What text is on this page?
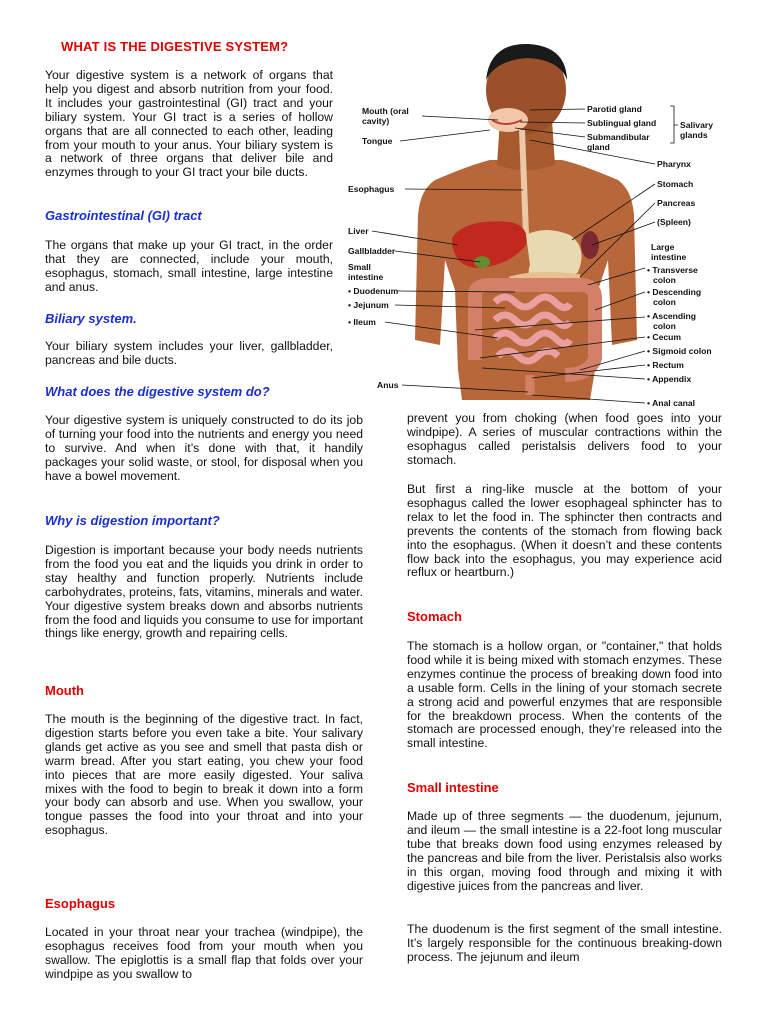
WHAT IS THE DIGESTIVE SYSTEM?

Your digestive system is a network of organs that help you digest and absorb nutrition from your food. It includes your gastrointestinal (GI) tract and your biliary system. Your GI tract is a series of hollow organs that are all connected to each other, leading from your mouth to your anus. Your biliary system is a network of three organs that deliver bile and enzymes through to your GI tract your bile ducts.

Gastrointestinal (GI) tract

The organs that make up your GI tract, in the order that they are connected, include your mouth, esophagus, stomach, small intestine, large intestine and anus.

Biliary system.

Your biliary system includes your liver, gallbladder, pancreas and bile ducts.

What does the digestive system do?

Your digestive system is uniquely constructed to do its job of turning your food into the nutrients and energy you need to survive. And when it’s done with that, it handily packages your solid waste, or stool, for disposal when you have a bowel movement.

Why is digestion important?

Digestion is important because your body needs nutrients from the food you eat and the liquids you drink in order to stay healthy and function properly. Nutrients include carbohydrates, proteins, fats, vitamins, minerals and water. Your digestive system breaks down and absorbs nutrients from the food and liquids you consume to use for important things like energy, growth and repairing cells.

Mouth

The mouth is the beginning of the digestive tract. In fact, digestion starts before you even take a bite. Your salivary glands get active as you see and smell that pasta dish or warm bread. After you start eating, you chew your food into pieces that are more easily digested. Your saliva mixes with the food to begin to break it down into a form your body can absorb and use. When you swallow, your tongue passes the food into your throat and into your esophagus.

Esophagus

Located in your throat near your trachea (windpipe), the esophagus receives food from your mouth when you swallow. The epiglottis is a small flap that folds over your windpipe as you swallow to

prevent you from choking (when food goes into your windpipe). A series of muscular contractions within the esophagus called peristalsis delivers food to your stomach.

But first a ring-like muscle at the bottom of your esophagus called the lower esophageal sphincter has to relax to let the food in. The sphincter then contracts and prevents the contents of the stomach from flowing back into the esophagus. (When it doesn’t and these contents flow back into the esophagus, you may experience acid reflux or heartburn.)

Stomach

The stomach is a hollow organ, or "container," that holds food while it is being mixed with stomach enzymes. These enzymes continue the process of breaking down food into a usable form. Cells in the lining of your stomach secrete a strong acid and powerful enzymes that are responsible for the breakdown process. When the contents of the stomach are processed enough, they’re released into the small intestine.

Small intestine

Made up of three segments — the duodenum, jejunum, and ileum — the small intestine is a 22-foot long muscular tube that breaks down food using enzymes released by the pancreas and bile from the liver. Peristalsis also works in this organ, moving food through and mixing it with digestive juices from the pancreas and liver.

The duodenum is the first segment of the small intestine. It’s largely responsible for the continuous breaking-down process. The jejunum and ileum

Mouth (oral
cavity)
Tongue
Esophagus
Liver
Gallbladder
Small
intestine
• Duodenum
• Jejunum
• Ileum
Anus
Parotid gland
Sublingual gland
Submandibular
gland
Salivary
glands
Pharynx
Stomach
Pancreas
(Spleen)
Large
intestine
• Transverse
colon
• Descending
colon
• Ascending
colon
• Cecum
• Sigmoid colon
• Rectum
• Appendix
• Anal canal
